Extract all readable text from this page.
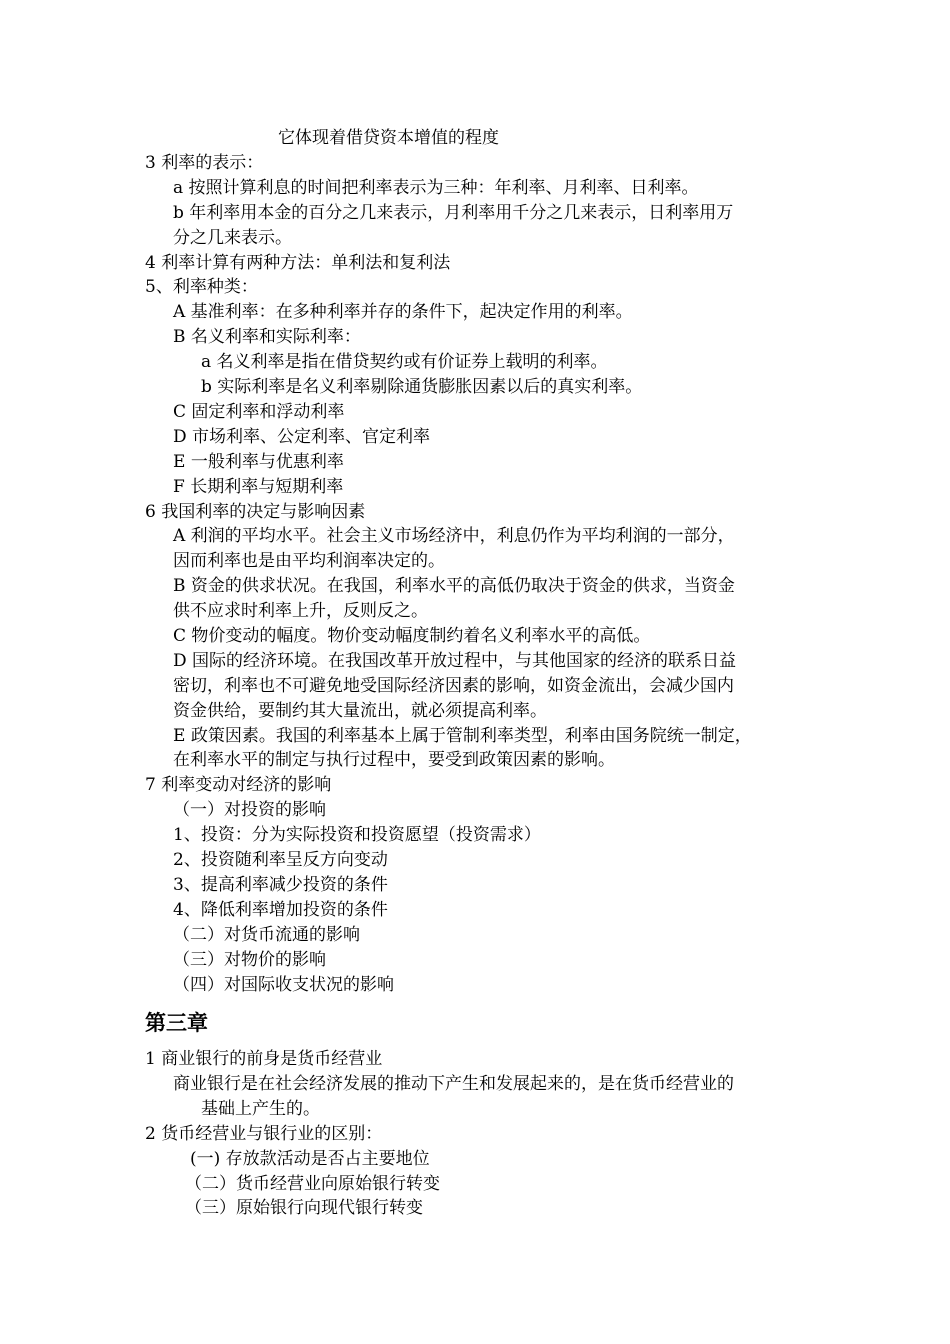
它体现着借贷资本增值的程度
3 利率的表示：
a 按照计算利息的时间把利率表示为三种：年利率、月利率、日利率。
b 年利率用本金的百分之几来表示，月利率用千分之几来表示，日利率用万
分之几来表示。
4 利率计算有两种方法：单利法和复利法
5、利率种类：
A 基准利率：在多种利率并存的条件下，起决定作用的利率。
B 名义利率和实际利率：
a 名义利率是指在借贷契约或有价证券上载明的利率。
b 实际利率是名义利率剔除通货膨胀因素以后的真实利率。
C 固定利率和浮动利率
D 市场利率、公定利率、官定利率
E 一般利率与优惠利率
F 长期利率与短期利率
6 我国利率的决定与影响因素
A 利润的平均水平。社会主义市场经济中，利息仍作为平均利润的一部分，
因而利率也是由平均利润率决定的。
B 资金的供求状况。在我国，利率水平的高低仍取决于资金的供求，当资金
供不应求时利率上升，反则反之。
C 物价变动的幅度。物价变动幅度制约着名义利率水平的高低。
D 国际的经济环境。在我国改革开放过程中，与其他国家的经济的联系日益
密切，利率也不可避免地受国际经济因素的影响，如资金流出，会减少国内
资金供给，要制约其大量流出，就必须提高利率。
E 政策因素。我国的利率基本上属于管制利率类型，利率由国务院统一制定，
在利率水平的制定与执行过程中，要受到政策因素的影响。
7 利率变动对经济的影响
（一）对投资的影响
1、投资：分为实际投资和投资愿望（投资需求）
2、投资随利率呈反方向变动
3、提高利率减少投资的条件
4、降低利率增加投资的条件
（二）对货币流通的影响
（三）对物价的影响
（四）对国际收支状况的影响
第三章
1 商业银行的前身是货币经营业
商业银行是在社会经济发展的推动下产生和发展起来的，是在货币经营业的
基础上产生的。
2 货币经营业与银行业的区别：
(一) 存放款活动是否占主要地位
（二）货币经营业向原始银行转变
（三）原始银行向现代银行转变
